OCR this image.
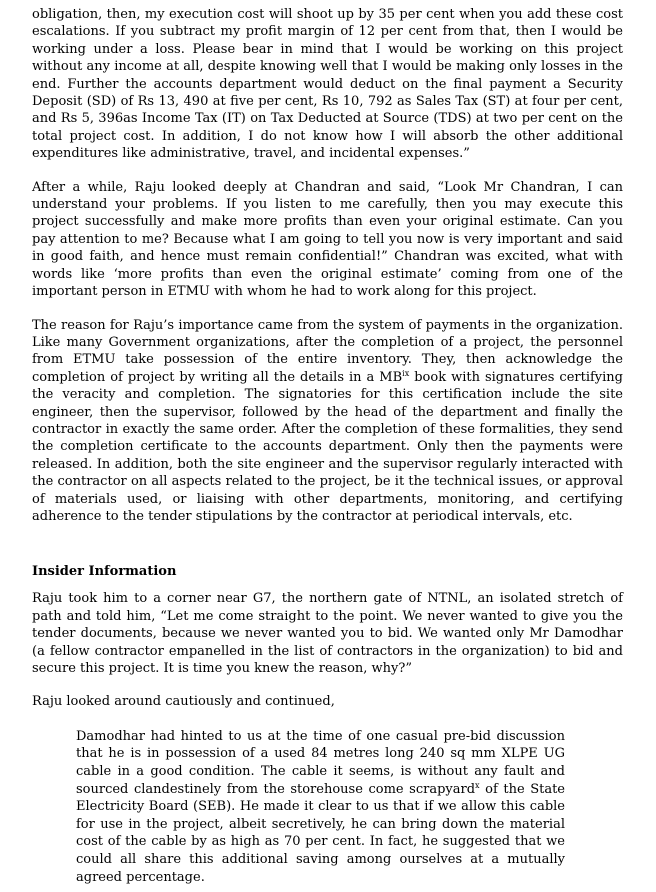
obligation, then, my execution cost will shoot up by 35 per cent when you add these cost escalations. If you subtract my profit margin of 12 per cent from that, then I would be working under a loss. Please bear in mind that I would be working on this project without any income at all, despite knowing well that I would be making only losses in the end. Further the accounts department would deduct on the final payment a Security Deposit (SD) of Rs 13, 490 at five per cent, Rs 10, 792 as Sales Tax (ST) at four per cent, and Rs 5, 396as Income Tax (IT) on Tax Deducted at Source (TDS) at two per cent on the total project cost. In addition, I do not know how I will absorb the other additional expenditures like administrative, travel, and incidental expenses.”

After a while, Raju looked deeply at Chandran and said, “Look Mr Chandran, I can understand your problems. If you listen to me carefully, then you may execute this project successfully and make more profits than even your original estimate. Can you pay attention to me? Because what I am going to tell you now is very important and said in good faith, and hence must remain confidential!” Chandran was excited, what with words like ‘more profits than even the original estimate’ coming from one of the important person in ETMU with whom he had to work along for this project.

The reason for Raju’s importance came from the system of payments in the organization. Like many Government organizations, after the completion of a project, the personnel from ETMU take possession of the entire inventory. They, then acknowledge the completion of project by writing all the details in a MB$^{ix}$ book with signatures certifying the veracity and completion. The signatories for this certification include the site engineer, then the supervisor, followed by the head of the department and finally the contractor in exactly the same order. After the completion of these formalities, they send the completion certificate to the accounts department. Only then the payments were released. In addition, both the site engineer and the supervisor regularly interacted with the contractor on all aspects related to the project, be it the technical issues, or approval of materials used, or liaising with other departments, monitoring, and certifying adherence to the tender stipulations by the contractor at periodical intervals, etc.

Insider Information

Raju took him to a corner near G7, the northern gate of NTNL, an isolated stretch of path and told him, “Let me come straight to the point. We never wanted to give you the tender documents, because we never wanted you to bid. We wanted only Mr Damodhar (a fellow contractor empanelled in the list of contractors in the organization) to bid and secure this project. It is time you knew the reason, why?”

Raju looked around cautiously and continued,

Damodhar had hinted to us at the time of one casual pre-bid discussion that he is in possession of a used 84 metres long 240 sq mm XLPE UG cable in a good condition. The cable it seems, is without any fault and sourced clandestinely from the storehouse come scrapyard$^x$ of the State Electricity Board (SEB). He made it clear to us that if we allow this cable for use in the project, albeit secretively, he can bring down the material cost of the cable by as high as 70 per cent. In fact, he suggested that we could all share this additional saving among ourselves at a mutually agreed percentage.
